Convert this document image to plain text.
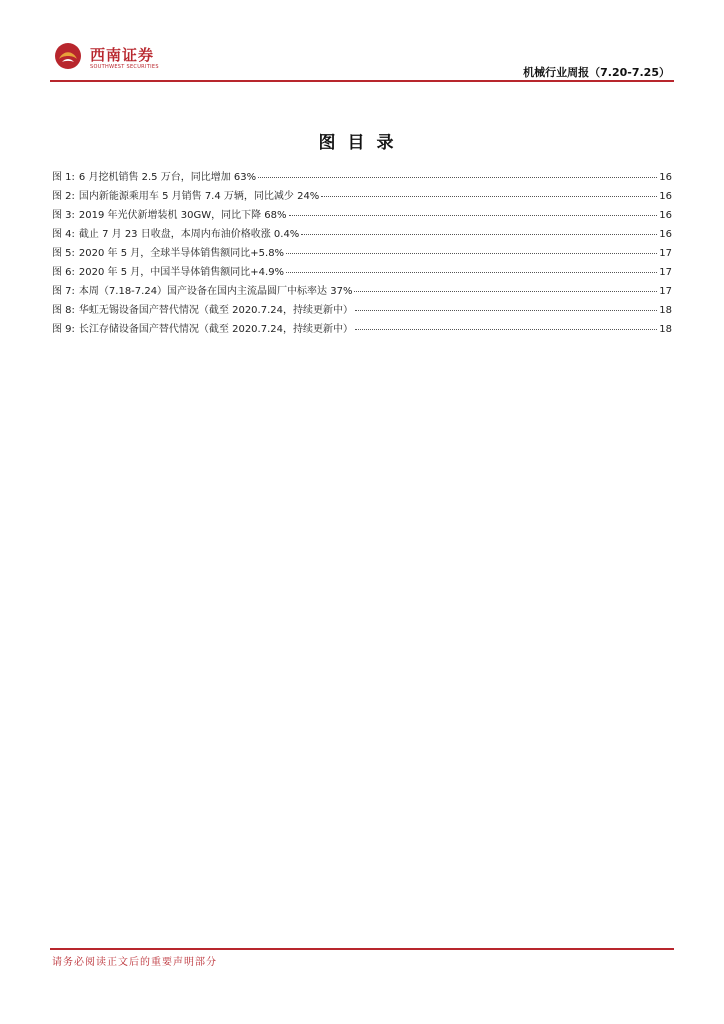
西南证券
SOUTHWEST SECURITIES	机械行业周报（7.20-7.25）
图目录
图 1: 6 月挖机销售 2.5 万台，同比增加 63%	16
图 2: 国内新能源乘用车 5 月销售 7.4 万辆，同比减少 24%	16
图 3: 2019 年光伏新增装机 30GW，同比下降 68%	16
图 4: 截止 7 月 23 日收盘，本周内布油价格收涨 0.4%	16
图 5: 2020 年 5 月，全球半导体销售额同比+5.8%	17
图 6: 2020 年 5 月，中国半导体销售额同比+4.9%	17
图 7: 本周（7.18-7.24）国产设备在国内主流晶圆厂中标率达 37%	17
图 8: 华虹无锡设备国产替代情况（截至 2020.7.24，持续更新中）	18
图 9: 长江存储设备国产替代情况（截至 2020.7.24，持续更新中）	18
请务必阅读正文后的重要声明部分
